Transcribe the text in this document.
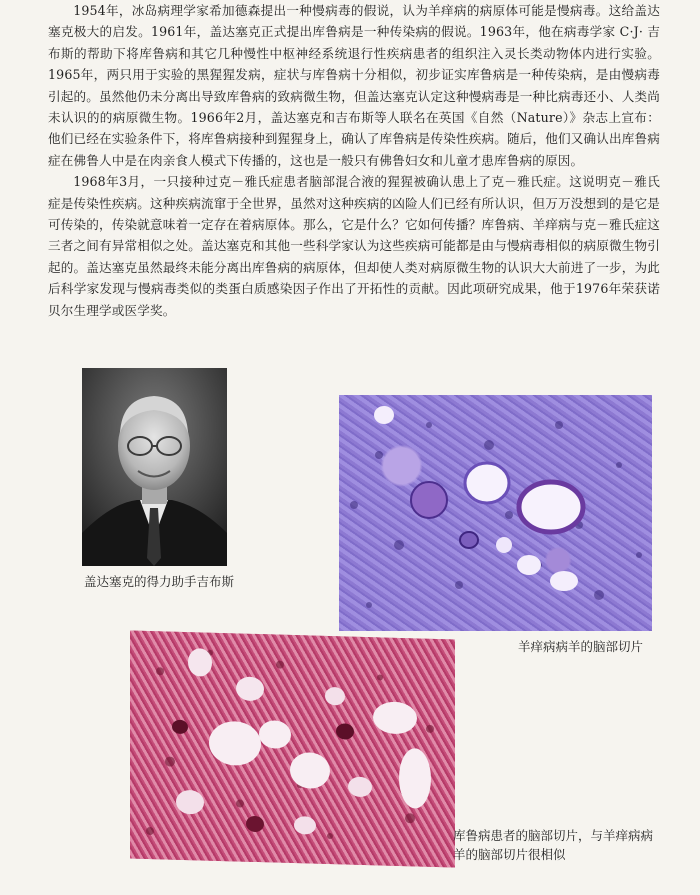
1954年，冰岛病理学家希加德森提出一种慢病毒的假说，认为羊痒病的病原体可能是慢病毒。这给盖达塞克极大的启发。1961年，盖达塞克正式提出库鲁病是一种传染病的假说。1963年，他在病毒学家 C·J· 吉布斯的帮助下将库鲁病和其它几种慢性中枢神经系统退行性疾病患者的组织注入灵长类动物体内进行实验。1965年，两只用于实验的黑猩猩发病，症状与库鲁病十分相似，初步证实库鲁病是一种传染病，是由慢病毒引起的。虽然他仍未分离出导致库鲁病的致病微生物，但盖达塞克认定这种慢病毒是一种比病毒还小、人类尚未认识的的病原微生物。1966年2月，盖达塞克和吉布斯等人联名在英国《自然（Nature）》杂志上宣布：他们已经在实验条件下，将库鲁病接种到猩猩身上，确认了库鲁病是传染性疾病。随后，他们又确认出库鲁病症在佛鲁人中是在肉亲食人模式下传播的，这也是一般只有佛鲁妇女和儿童才患库鲁病的原因。

1968年3月，一只接种过克－雅氏症患者脑部混合液的猩猩被确认患上了克－雅氏症。这说明克－雅氏症是传染性疾病。这种疾病流窜于全世界，虽然对这种疾病的凶险人们已经有所认识，但万万没想到的是它是可传染的，传染就意味着一定存在着病原体。那么，它是什么？它如何传播？库鲁病、羊痒病与克－雅氏症这三者之间有异常相似之处。盖达塞克和其他一些科学家认为这些疾病可能都是由与慢病毒相似的病原微生物引起的。盖达塞克虽然最终未能分离出库鲁病的病原体，但却使人类对病原微生物的认识大大前进了一步，为此后科学家发现与慢病毒类似的类蛋白质感染因子作出了开拓性的贡献。因此项研究成果，他于1976年荣获诺贝尔生理学或医学奖。

盖达塞克的得力助手吉布斯
羊痒病病羊的脑部切片
库鲁病患者的脑部切片，与羊痒病病
羊的脑部切片很相似
